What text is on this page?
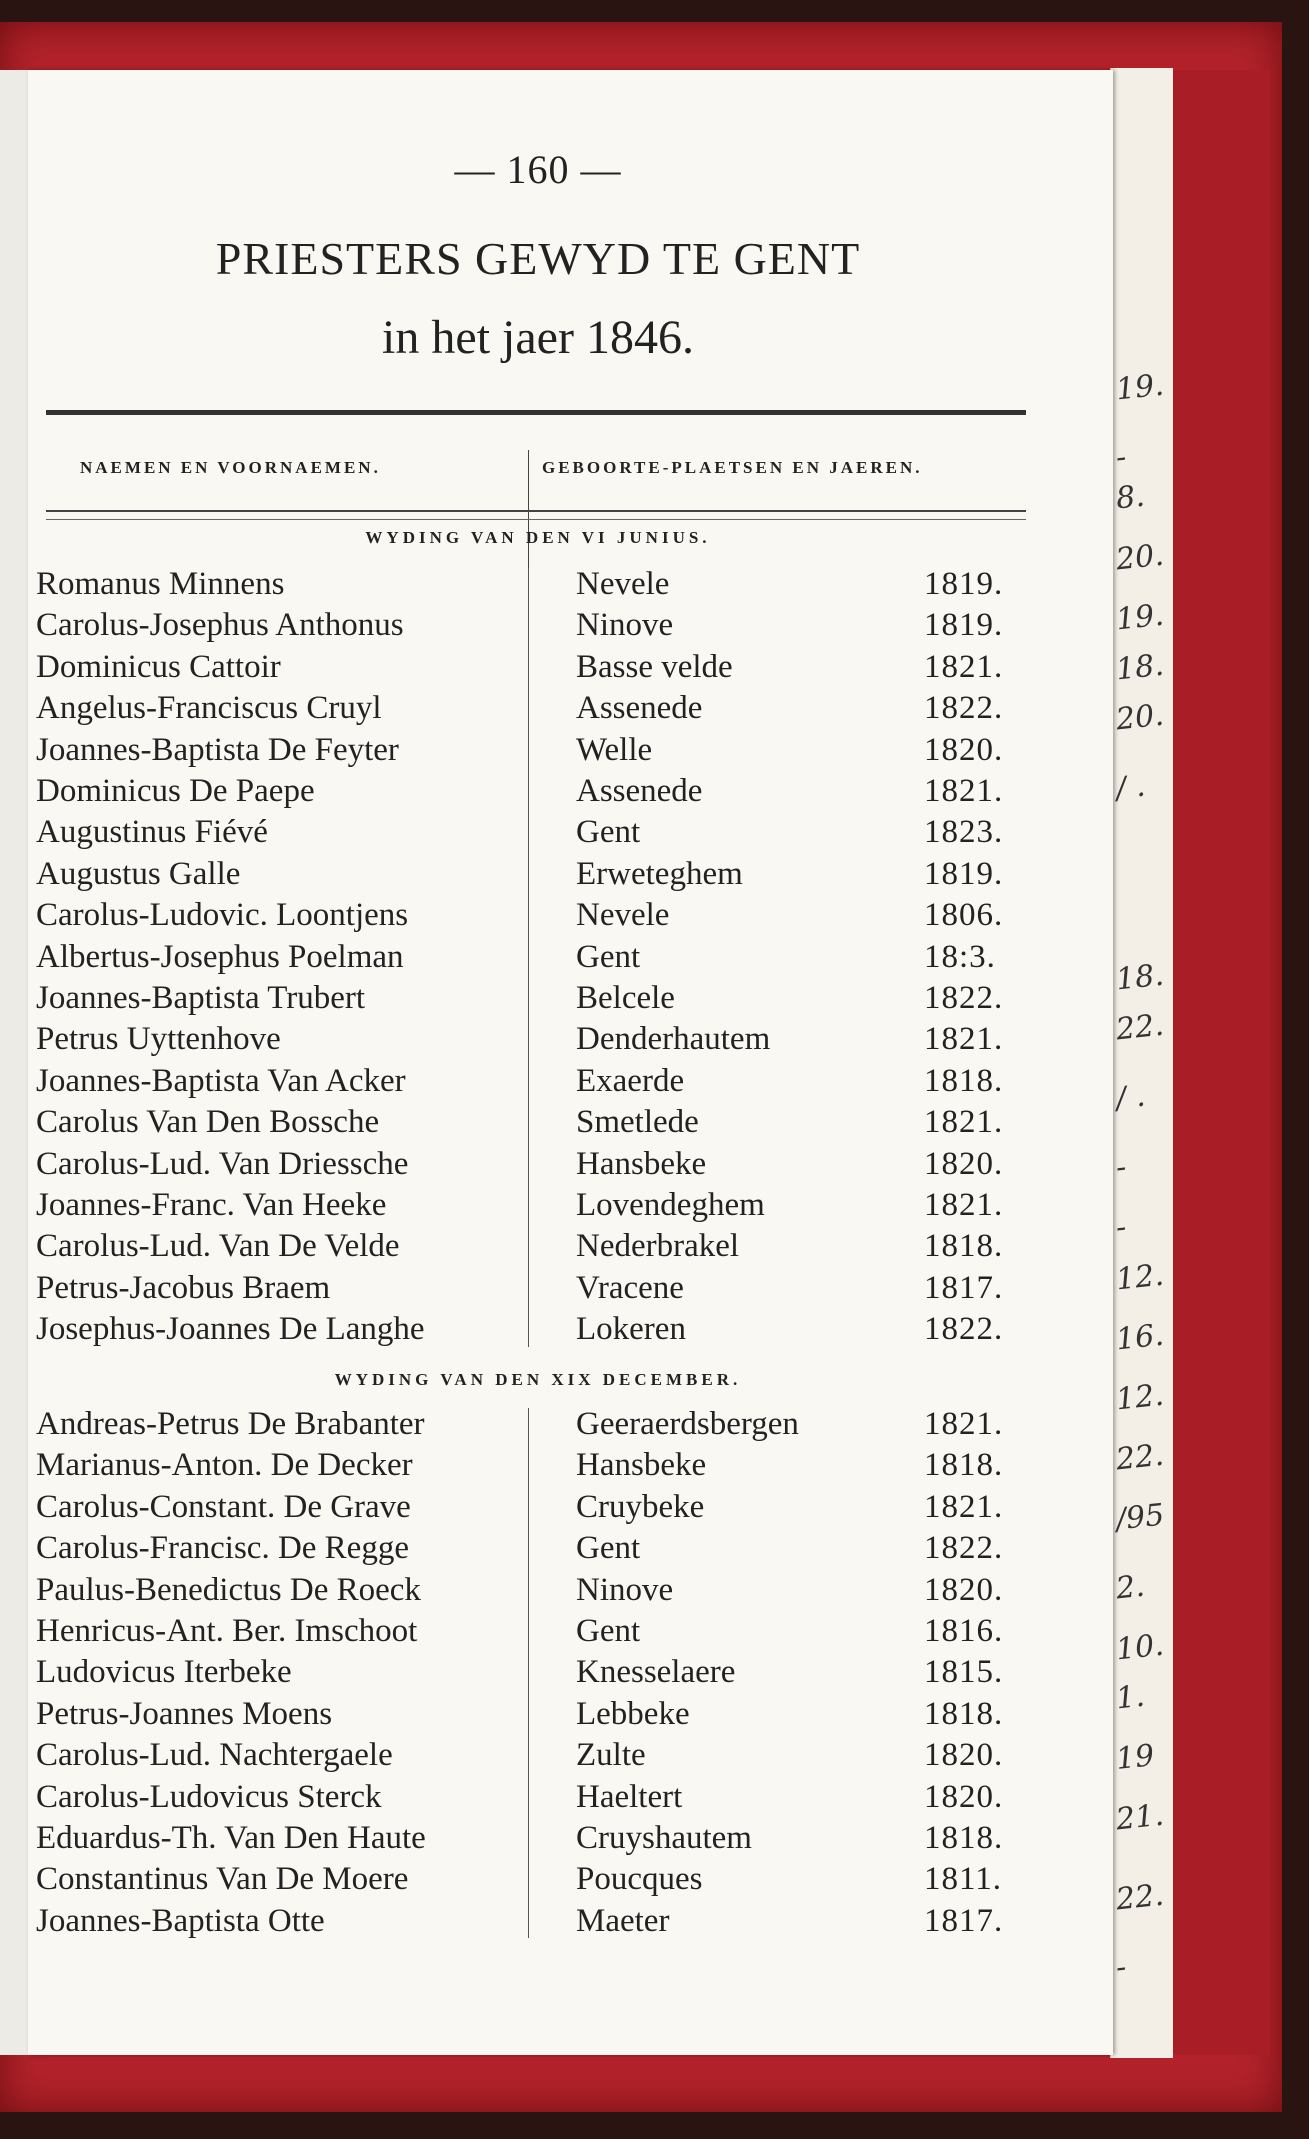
— 160 —
PRIESTERS GEWYD TE GENT
in het jaer 1846.
NAEMEN EN VOORNAEMEN.	GEBOORTE-PLAETSEN EN JAEREN.
WYDING VAN DEN VI JUNIUS.
Romanus Minnens	Nevele	1819.
Carolus-Josephus Anthonus	Ninove	1819.
Dominicus Cattoir	Basse velde	1821.
Angelus-Franciscus Cruyl	Assenede	1822.
Joannes-Baptista De Feyter	Welle	1820.
Dominicus De Paepe	Assenede	1821.
Augustinus Fiévé	Gent	1823.
Augustus Galle	Erweteghem	1819.
Carolus-Ludovic. Loontjens	Nevele	1806.
Albertus-Josephus Poelman	Gent	18:3.
Joannes-Baptista Trubert	Belcele	1822.
Petrus Uyttenhove	Denderhautem	1821.
Joannes-Baptista Van Acker	Exaerde	1818.
Carolus Van Den Bossche	Smetlede	1821.
Carolus-Lud. Van Driessche	Hansbeke	1820.
Joannes-Franc. Van Heeke	Lovendeghem	1821.
Carolus-Lud. Van De Velde	Nederbrakel	1818.
Petrus-Jacobus Braem	Vracene	1817.
Josephus-Joannes De Langhe	Lokeren	1822.
WYDING VAN DEN XIX DECEMBER.
Andreas-Petrus De Brabanter	Geeraerdsbergen	1821.
Marianus-Anton. De Decker	Hansbeke	1818.
Carolus-Constant. De Grave	Cruybeke	1821.
Carolus-Francisc. De Regge	Gent	1822.
Paulus-Benedictus De Roeck	Ninove	1820.
Henricus-Ant. Ber. Imschoot	Gent	1816.
Ludovicus Iterbeke	Knesselaere	1815.
Petrus-Joannes Moens	Lebbeke	1818.
Carolus-Lud. Nachtergaele	Zulte	1820.
Carolus-Ludovicus Sterck	Haeltert	1820.
Eduardus-Th. Van Den Haute	Cruyshautem	1818.
Constantinus Van De Moere	Poucques	1811.
Joannes-Baptista Otte	Maeter	1817.
19.
-
8.
20.
19.
18.
20.
/ .
18.
22.
/ .
-
-
12.
16.
12.
22.
/95
2.
10.
1.
19
21.
22.
-
